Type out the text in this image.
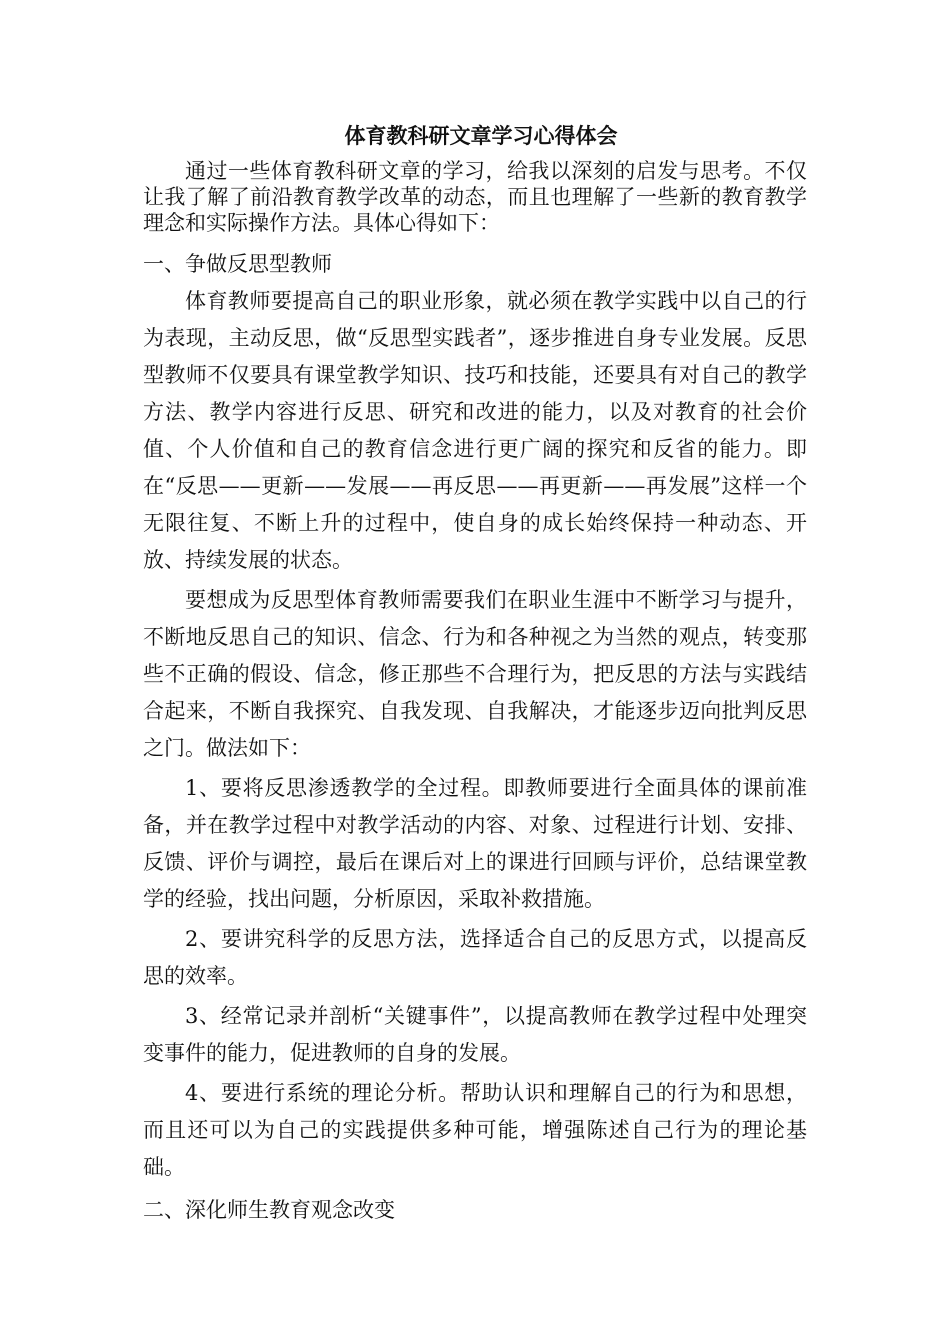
体育教科研文章学习心得体会

通过一些体育教科研文章的学习，给我以深刻的启发与思考。不仅让我了解了前沿教育教学改革的动态，而且也理解了一些新的教育教学理念和实际操作方法。具体心得如下：

一、争做反思型教师

体育教师要提高自己的职业形象，就必须在教学实践中以自己的行为表现，主动反思，做“反思型实践者”，逐步推进自身专业发展。反思型教师不仅要具有课堂教学知识、技巧和技能，还要具有对自己的教学方法、教学内容进行反思、研究和改进的能力，以及对教育的社会价值、个人价值和自己的教育信念进行更广阔的探究和反省的能力。即在“反思——更新——发展——再反思——再更新——再发展”这样一个无限往复、不断上升的过程中，使自身的成长始终保持一种动态、开放、持续发展的状态。

要想成为反思型体育教师需要我们在职业生涯中不断学习与提升，不断地反思自己的知识、信念、行为和各种视之为当然的观点，转变那些不正确的假设、信念，修正那些不合理行为，把反思的方法与实践结合起来，不断自我探究、自我发现、自我解决，才能逐步迈向批判反思之门。做法如下：

1、要将反思渗透教学的全过程。即教师要进行全面具体的课前准备，并在教学过程中对教学活动的内容、对象、过程进行计划、安排、反馈、评价与调控，最后在课后对上的课进行回顾与评价，总结课堂教学的经验，找出问题，分析原因，采取补救措施。

2、要讲究科学的反思方法，选择适合自己的反思方式，以提高反思的效率。

3、经常记录并剖析“关键事件”，以提高教师在教学过程中处理突变事件的能力，促进教师的自身的发展。

4、要进行系统的理论分析。帮助认识和理解自己的行为和思想，而且还可以为自己的实践提供多种可能，增强陈述自己行为的理论基础。

二、深化师生教育观念改变
